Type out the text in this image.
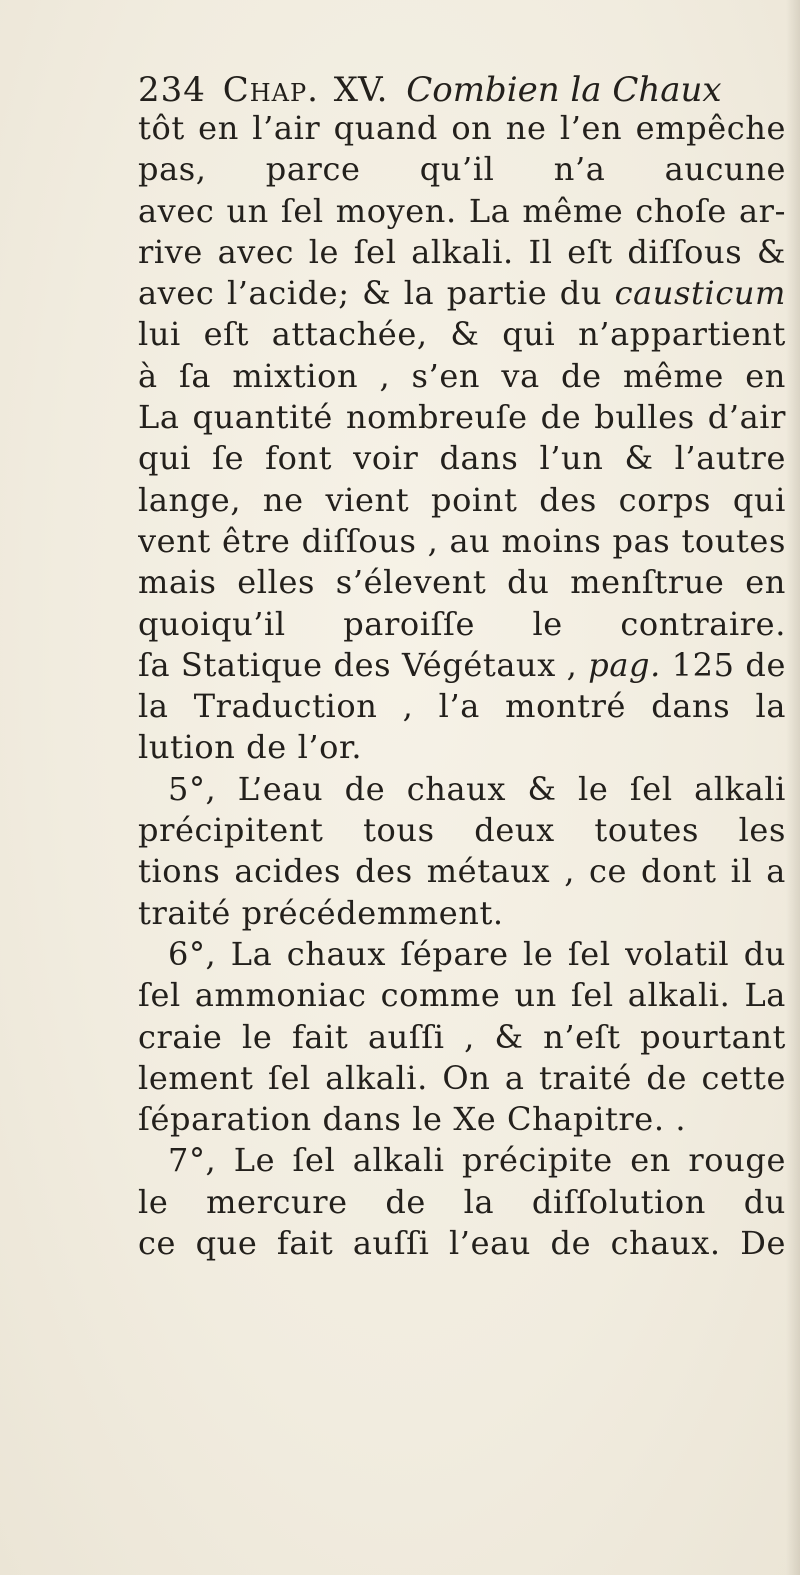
234 Chap. XV. Combien la Chaux
tôt en l’air quand on ne l’en empêche
pas, parce qu’il n’a aucune
avec un ſel moyen. La même choſe ar-
rive avec le ſel alkali. Il eſt diſſous &
avec l’acide; & la partie du causticum
lui eſt attachée, & qui n’appartient
à ſa mixtion , s’en va de même en
La quantité nombreuſe de bulles d’air
qui ſe font voir dans l’un & l’autre
lange, ne vient point des corps qui
vent être diſſous , au moins pas toutes
mais elles s’élevent du menſtrue en
quoiqu’il paroiſſe le contraire.
ſa Statique des Végétaux , pag. 125 de
la Traduction , l’a montré dans la
lution de l’or.
5°, L’eau de chaux & le ſel alkali
précipitent tous deux toutes les
tions acides des métaux , ce dont il a
traité précédemment.
6°, La chaux ſépare le ſel volatil du
ſel ammoniac comme un ſel alkali. La
craie le fait auſſi , & n’eſt pourtant
lement ſel alkali. On a traité de cette
ſéparation dans le Xe Chapitre. .
7°, Le ſel alkali précipite en rouge
le mercure de la diſſolution du
ce que fait auſſi l’eau de chaux. De
